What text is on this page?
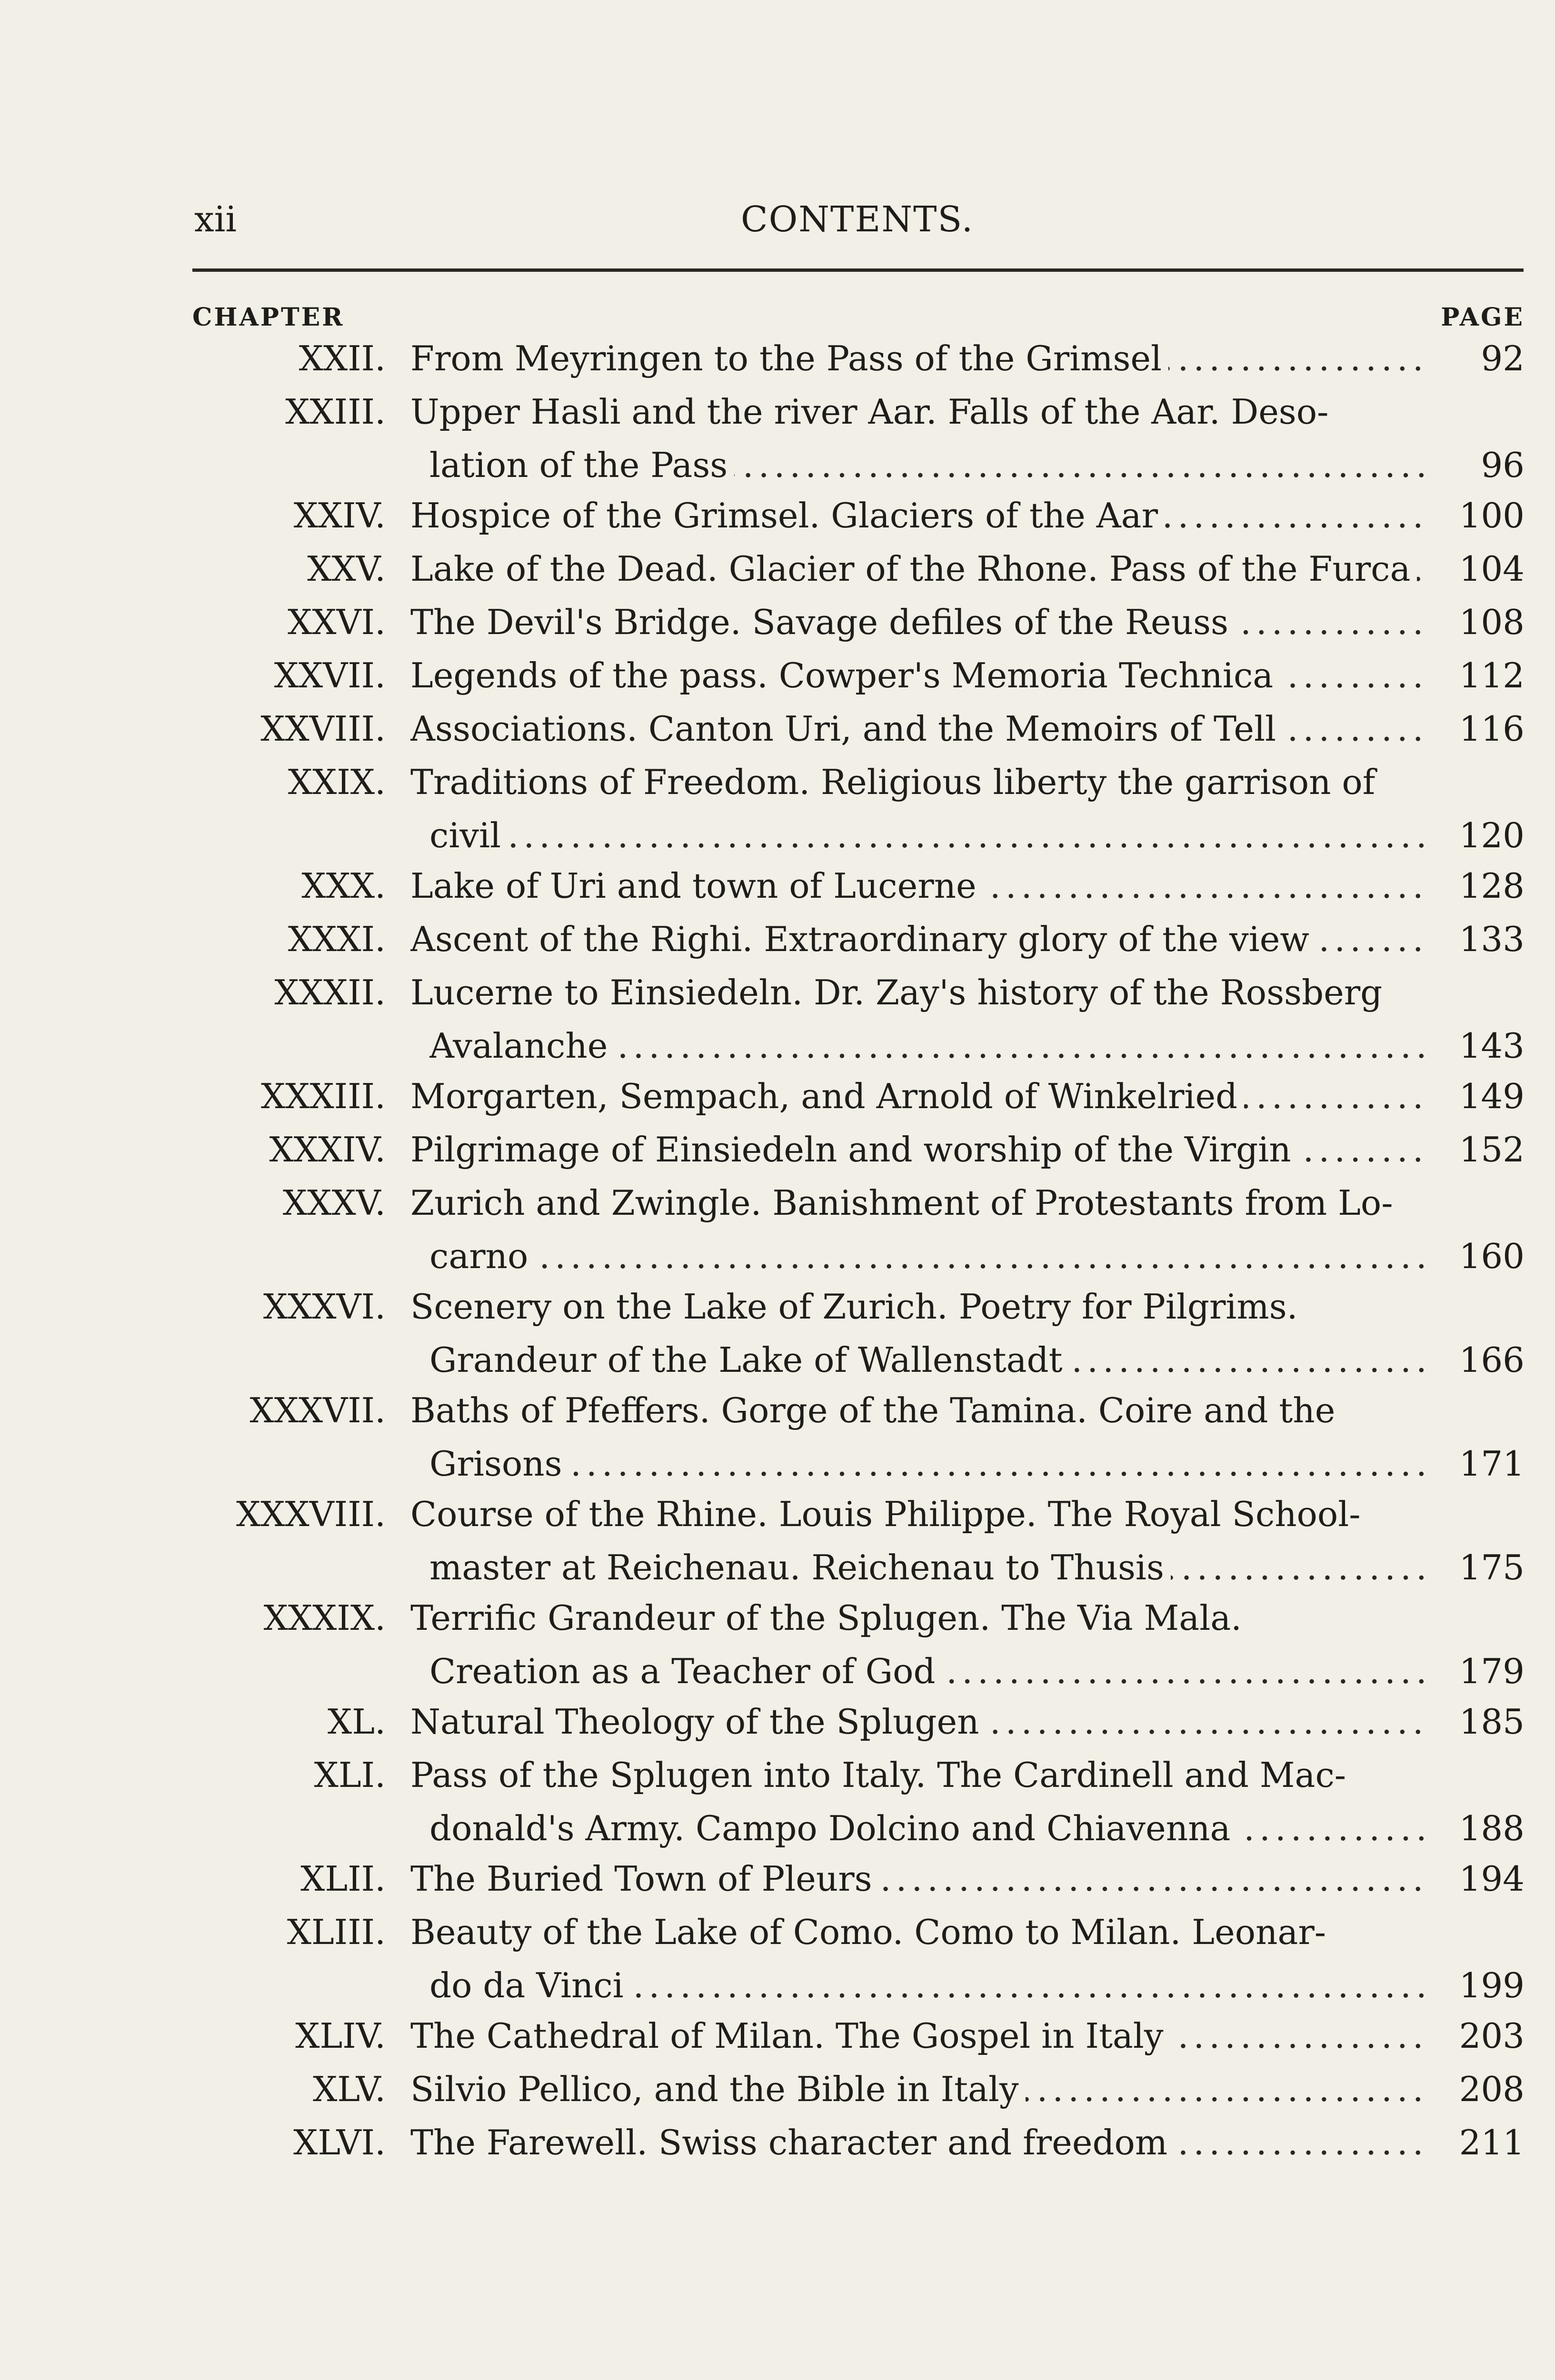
xii	CONTENTS.
CHAPTER	PAGE
XXII. From Meyringen to the Pass of the Grimsel .....	92
XXIII. Upper Hasli and the river Aar. Falls of the Aar. Deso-
lation of the Pass .....	96
XXIV. Hospice of the Grimsel. Glaciers of the Aar .....	100
XXV. Lake of the Dead. Glacier of the Rhone. Pass of the Furca .....	104
XXVI. The Devil's Bridge. Savage defiles of the Reuss .....	108
XXVII. Legends of the pass. Cowper's Memoria Technica .....	112
XXVIII. Associations. Canton Uri, and the Memoirs of Tell .....	116
XXIX. Traditions of Freedom. Religious liberty the garrison of
civil .....	120
XXX. Lake of Uri and town of Lucerne .....	128
XXXI. Ascent of the Righi. Extraordinary glory of the view .....	133
XXXII. Lucerne to Einsiedeln. Dr. Zay's history of the Rossberg
Avalanche .....	143
XXXIII. Morgarten, Sempach, and Arnold of Winkelried .....	149
XXXIV. Pilgrimage of Einsiedeln and worship of the Virgin .....	152
XXXV. Zurich and Zwingle. Banishment of Protestants from Lo-
carno .....	160
XXXVI. Scenery on the Lake of Zurich. Poetry for Pilgrims.
Grandeur of the Lake of Wallenstadt .....	166
XXXVII. Baths of Pfeffers. Gorge of the Tamina. Coire and the
Grisons .....	171
XXXVIII. Course of the Rhine. Louis Philippe. The Royal School-
master at Reichenau. Reichenau to Thusis .....	175
XXXIX. Terrific Grandeur of the Splugen. The Via Mala.
Creation as a Teacher of God .....	179
XL. Natural Theology of the Splugen .....	185
XLI. Pass of the Splugen into Italy. The Cardinell and Mac-
donald's Army. Campo Dolcino and Chiavenna .....	188
XLII. The Buried Town of Pleurs .....	194
XLIII. Beauty of the Lake of Como. Como to Milan. Leonar-
do da Vinci .....	199
XLIV. The Cathedral of Milan. The Gospel in Italy .....	203
XLV. Silvio Pellico, and the Bible in Italy .....	208
XLVI. The Farewell. Swiss character and freedom .....	211
